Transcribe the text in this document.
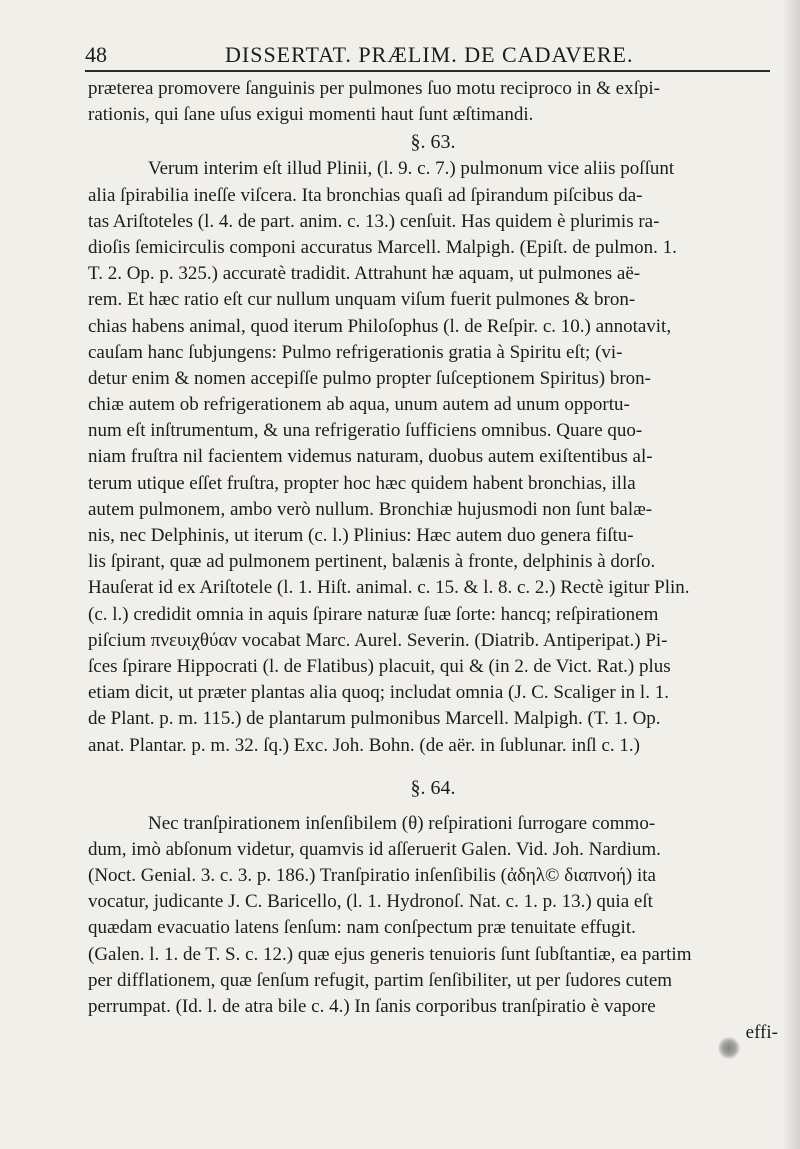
48	DISSERTAT. PRÆLIM. DE CADAVERE.
præterea promovere ſanguinis per pulmones ſuo motu reciproco in & exſpi-
rationis, qui ſane uſus exigui momenti haut ſunt æſtimandi.
§. 63.
Verum interim eſt illud Plinii, (l. 9. c. 7.) pulmonum vice aliis poſſunt
alia ſpirabilia ineſſe viſcera. Ita bronchias quaſi ad ſpirandum piſcibus da-
tas Ariſtoteles (l. 4. de part. anim. c. 13.) cenſuit. Has quidem è plurimis ra-
dioſis ſemicirculis componi accuratus Marcell. Malpigh. (Epiſt. de pulmon. 1.
T. 2. Op. p. 325.) accuratè tradidit. Attrahunt hæ aquam, ut pulmones aë-
rem. Et hæc ratio eſt cur nullum unquam viſum fuerit pulmones & bron-
chias habens animal, quod iterum Philoſophus (l. de Reſpir. c. 10.) annotavit,
cauſam hanc ſubjungens: Pulmo refrigerationis gratia à Spiritu eſt; (vi-
detur enim & nomen accepiſſe pulmo propter ſuſceptionem Spiritus) bron-
chiæ autem ob refrigerationem ab aqua, unum autem ad unum opportu-
num eſt inſtrumentum, & una refrigeratio ſufficiens omnibus. Quare quo-
niam fruſtra nil facientem videmus naturam, duobus autem exiſtentibus al-
terum utique eſſet fruſtra, propter hoc hæc quidem habent bronchias, illa
autem pulmonem, ambo verò nullum. Bronchiæ hujusmodi non ſunt balæ-
nis, nec Delphinis, ut iterum (c. l.) Plinius: Hæc autem duo genera fiſtu-
lis ſpirant, quæ ad pulmonem pertinent, balænis à fronte, delphinis à dorſo.
Hauſerat id ex Ariſtotele (l. 1. Hiſt. animal. c. 15. & l. 8. c. 2.) Rectè igitur Plin.
(c. l.) credidit omnia in aquis ſpirare naturæ ſuæ ſorte: hancq; reſpirationem
piſcium πνευιχθύαν vocabat Marc. Aurel. Severin. (Diatrib. Antiperipat.) Pi-
ſces ſpirare Hippocrati (l. de Flatibus) placuit, qui & (in 2. de Vict. Rat.) plus
etiam dicit, ut præter plantas alia quoq; includat omnia (J. C. Scaliger in l. 1.
de Plant. p. m. 115.) de plantarum pulmonibus Marcell. Malpigh. (T. 1. Op.
anat. Plantar. p. m. 32. ſq.) Exc. Joh. Bohn. (de aër. in ſublunar. inſl c. 1.)
§. 64.
Nec tranſpirationem inſenſibilem (θ) reſpirationi ſurrogare commo-
dum, imò abſonum videtur, quamvis id aſſeruerit Galen. Vid. Joh. Nardium.
(Noct. Genial. 3. c. 3. p. 186.) Tranſpiratio inſenſibilis (ἀδηλ© διαπνοή) ita
vocatur, judicante J. C. Baricello, (l. 1. Hydronoſ. Nat. c. 1. p. 13.) quia eſt
quædam evacuatio latens ſenſum: nam conſpectum præ tenuitate effugit.
(Galen. l. 1. de T. S. c. 12.) quæ ejus generis tenuioris ſunt ſubſtantiæ, ea partim
per difflationem, quæ ſenſum refugit, partim ſenſibiliter, ut per ſudores cutem
perrumpat. (Id. l. de atra bile c. 4.) In ſanis corporibus tranſpiratio è vapore
effi-
